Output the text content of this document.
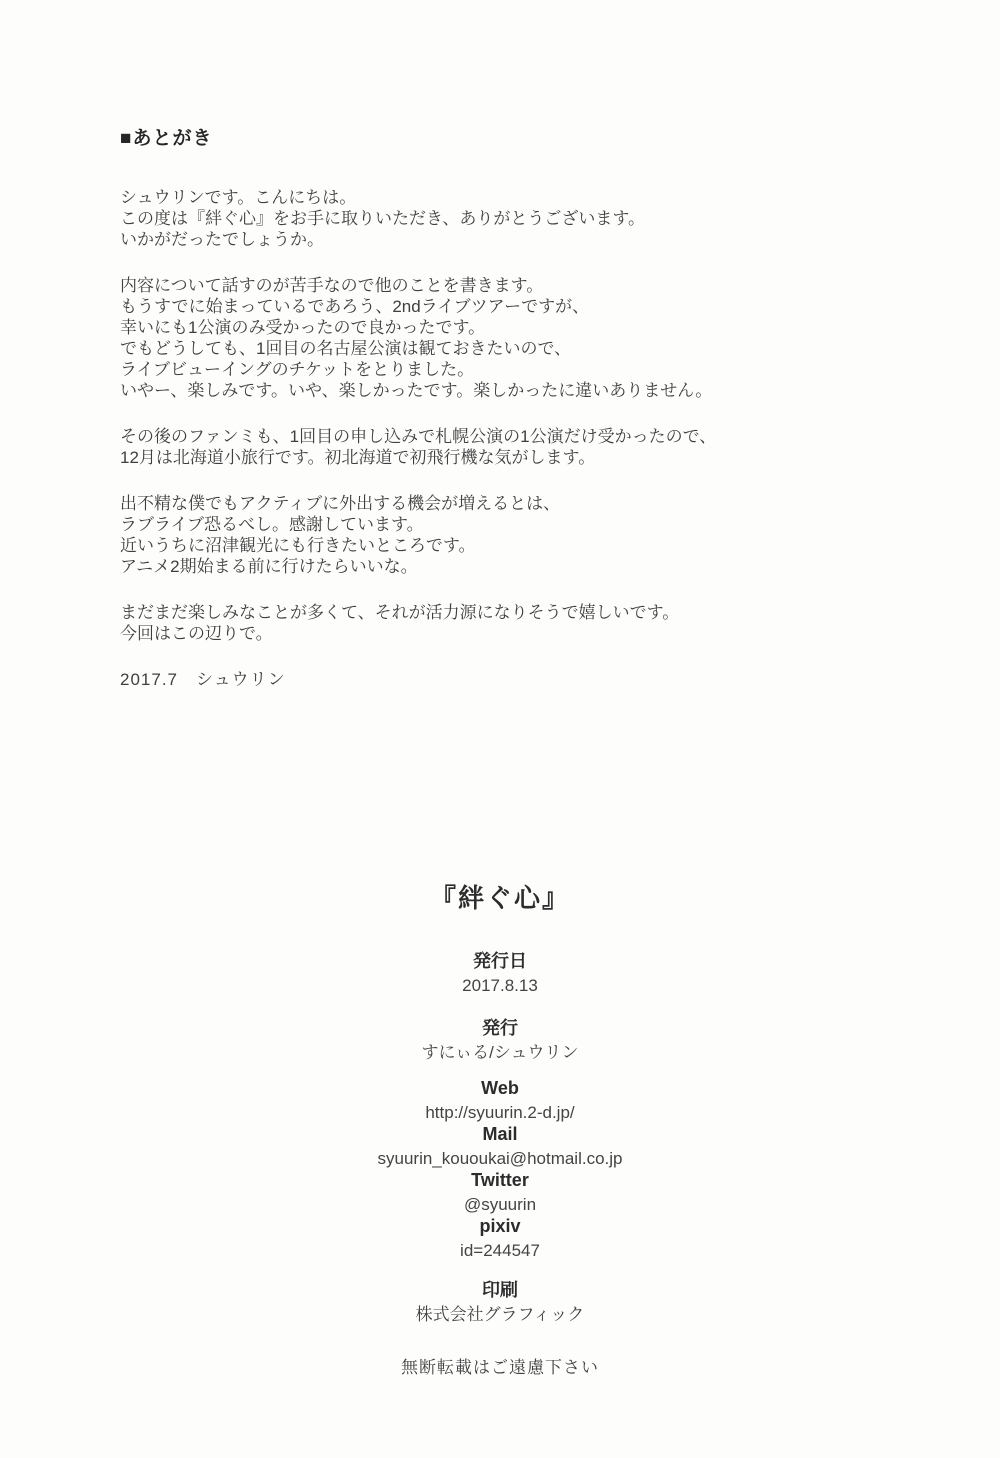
■あとがき
シュウリンです。こんにちは。
この度は『絆ぐ心』をお手に取りいただき、ありがとうございます。
いかがだったでしょうか。
内容について話すのが苦手なので他のことを書きます。
もうすでに始まっているであろう、2ndライブツアーですが、
幸いにも1公演のみ受かったので良かったです。
でもどうしても、1回目の名古屋公演は観ておきたいので、
ライブビューイングのチケットをとりました。
いやー、楽しみです。いや、楽しかったです。楽しかったに違いありません。
その後のファンミも、1回目の申し込みで札幌公演の1公演だけ受かったので、
12月は北海道小旅行です。初北海道で初飛行機な気がします。
出不精な僕でもアクティブに外出する機会が増えるとは、
ラブライブ恐るべし。感謝しています。
近いうちに沼津観光にも行きたいところです。
アニメ2期始まる前に行けたらいいな。
まだまだ楽しみなことが多くて、それが活力源になりそうで嬉しいです。
今回はこの辺りで。
2017.7　シュウリン
『絆ぐ心』
発行日
2017.8.13
発行
すにぃる/シュウリン
Web
http://syuurin.2-d.jp/
Mail
syuurin_kououkai@hotmail.co.jp
Twitter
@syuurin
pixiv
id=244547
印刷
株式会社グラフィック
無断転載はご遠慮下さい
